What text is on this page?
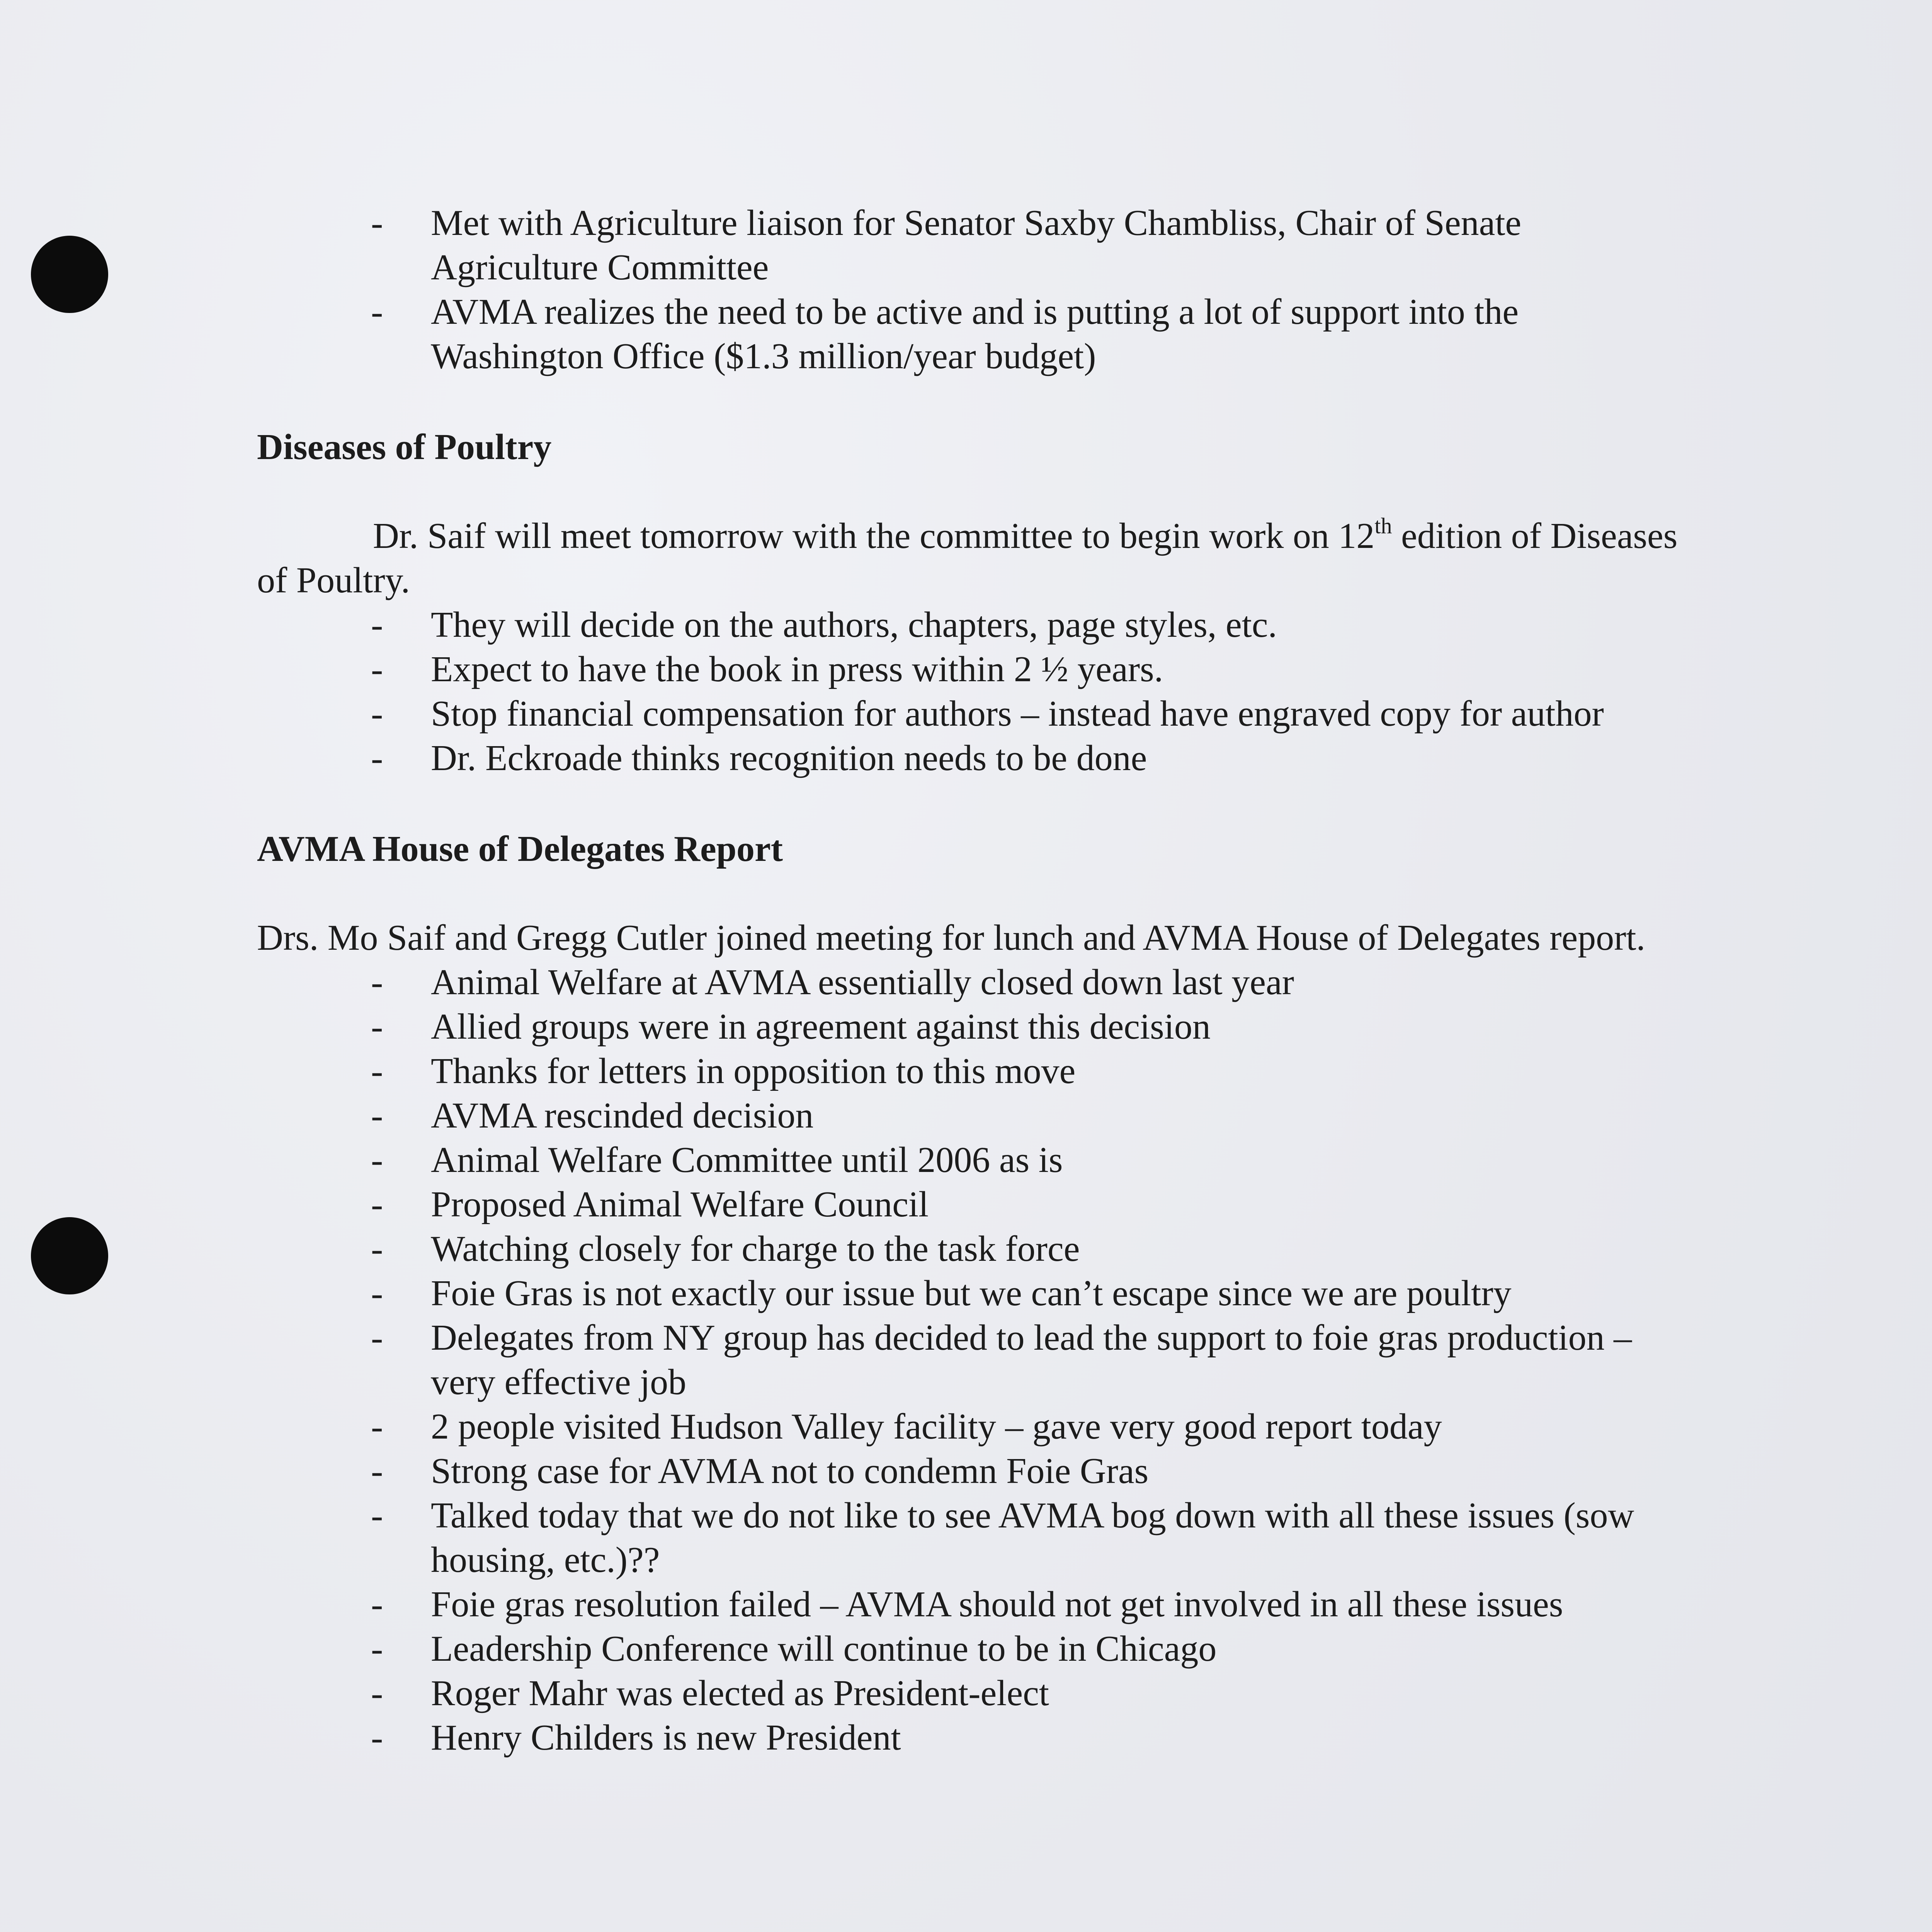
- Met with Agriculture liaison for Senator Saxby Chambliss, Chair of Senate Agriculture Committee
- AVMA realizes the need to be active and is putting a lot of support into the Washington Office ($1.3 million/year budget)
Diseases of Poultry

Dr. Saif will meet tomorrow with the committee to begin work on 12th edition of Diseases of Poultry.

- They will decide on the authors, chapters, page styles, etc.
- Expect to have the book in press within 2 ½ years.
- Stop financial compensation for authors – instead have engraved copy for author
- Dr. Eckroade thinks recognition needs to be done
AVMA House of Delegates Report

Drs. Mo Saif and Gregg Cutler joined meeting for lunch and AVMA House of Delegates report.

- Animal Welfare at AVMA essentially closed down last year
- Allied groups were in agreement against this decision
- Thanks for letters in opposition to this move
- AVMA rescinded decision
- Animal Welfare Committee until 2006 as is
- Proposed Animal Welfare Council
- Watching closely for charge to the task force
- Foie Gras is not exactly our issue but we can’t escape since we are poultry
- Delegates from NY group has decided to lead the support to foie gras production – very effective job
- 2 people visited Hudson Valley facility – gave very good report today
- Strong case for AVMA not to condemn Foie Gras
- Talked today that we do not like to see AVMA bog down with all these issues (sow housing, etc.)??
- Foie gras resolution failed – AVMA should not get involved in all these issues
- Leadership Conference will continue to be in Chicago
- Roger Mahr was elected as President-elect
- Henry Childers is new President
